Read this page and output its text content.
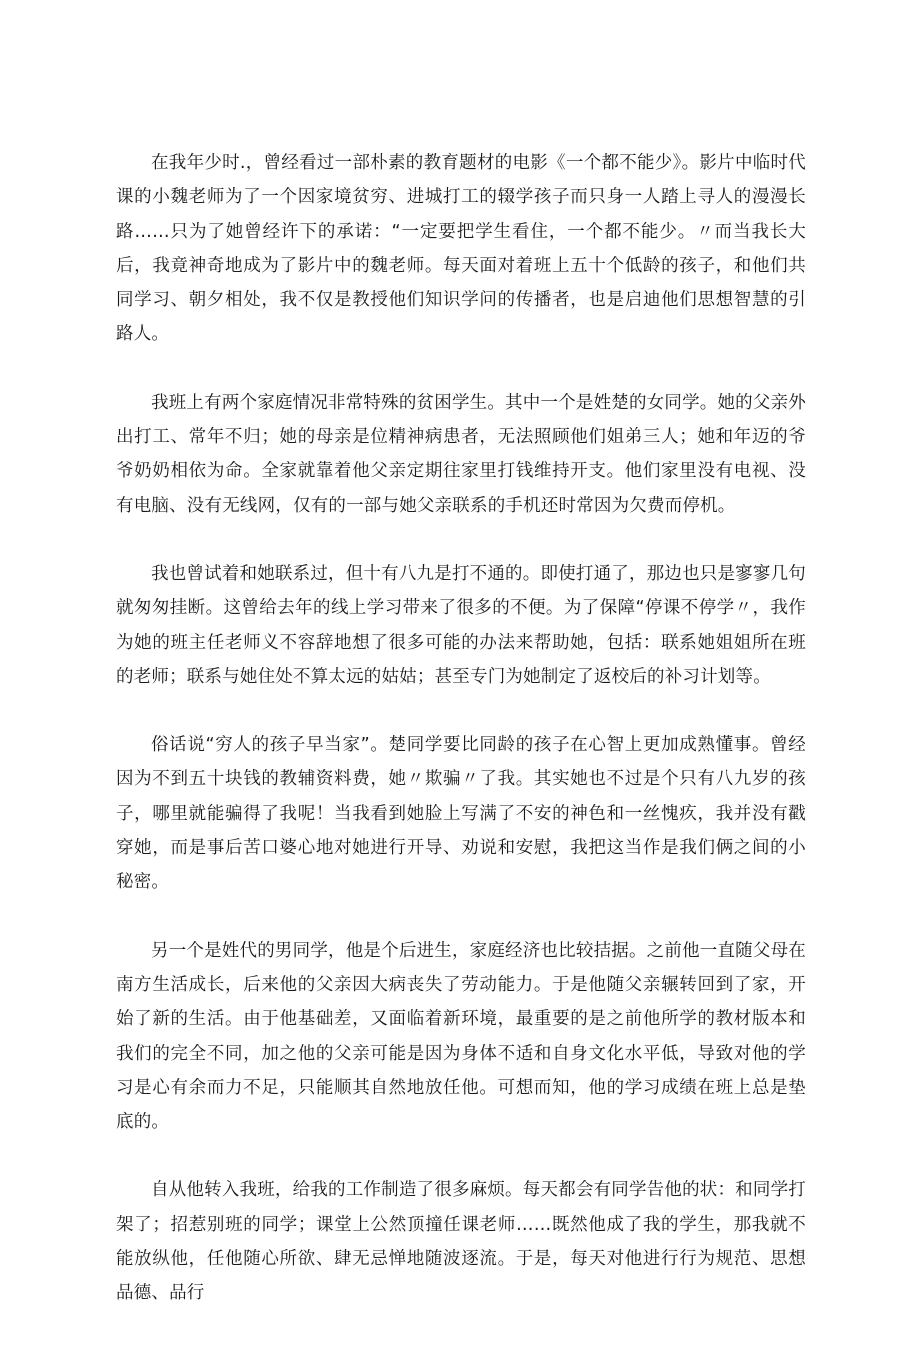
在我年少时.，曾经看过一部朴素的教育题材的电影《一个都不能少》。影片中临时代课的小魏老师为了一个因家境贫穷、进城打工的辍学孩子而只身一人踏上寻人的漫漫长路……只为了她曾经许下的承诺：“一定要把学生看住，一个都不能少。〃而当我长大后，我竟神奇地成为了影片中的魏老师。每天面对着班上五十个低龄的孩子，和他们共同学习、朝夕相处，我不仅是教授他们知识学问的传播者，也是启迪他们思想智慧的引路人。

我班上有两个家庭情况非常特殊的贫困学生。其中一个是姓楚的女同学。她的父亲外出打工、常年不归；她的母亲是位精神病患者，无法照顾他们姐弟三人；她和年迈的爷爷奶奶相依为命。全家就靠着他父亲定期往家里打钱维持开支。他们家里没有电视、没有电脑、没有无线网，仅有的一部与她父亲联系的手机还时常因为欠费而停机。

我也曾试着和她联系过，但十有八九是打不通的。即使打通了，那边也只是寥寥几句就匆匆挂断。这曾给去年的线上学习带来了很多的不便。为了保障“停课不停学〃，我作为她的班主任老师义不容辞地想了很多可能的办法来帮助她，包括：联系她姐姐所在班的老师；联系与她住处不算太远的姑姑；甚至专门为她制定了返校后的补习计划等。

俗话说“穷人的孩子早当家”。楚同学要比同龄的孩子在心智上更加成熟懂事。曾经因为不到五十块钱的教辅资料费，她〃欺骗〃了我。其实她也不过是个只有八九岁的孩子，哪里就能骗得了我呢！当我看到她脸上写满了不安的神色和一丝愧疚，我并没有戳穿她，而是事后苦口婆心地对她进行开导、劝说和安慰，我把这当作是我们俩之间的小秘密。

另一个是姓代的男同学，他是个后进生，家庭经济也比较拮据。之前他一直随父母在南方生活成长，后来他的父亲因大病丧失了劳动能力。于是他随父亲辗转回到了家，开始了新的生活。由于他基础差，又面临着新环境，最重要的是之前他所学的教材版本和我们的完全不同，加之他的父亲可能是因为身体不适和自身文化水平低，导致对他的学习是心有余而力不足，只能顺其自然地放任他。可想而知，他的学习成绩在班上总是垫底的。

自从他转入我班，给我的工作制造了很多麻烦。每天都会有同学告他的状：和同学打架了；招惹别班的同学；课堂上公然顶撞任课老师……既然他成了我的学生，那我就不能放纵他，任他随心所欲、肆无忌惮地随波逐流。于是，每天对他进行行为规范、思想品德、品行
